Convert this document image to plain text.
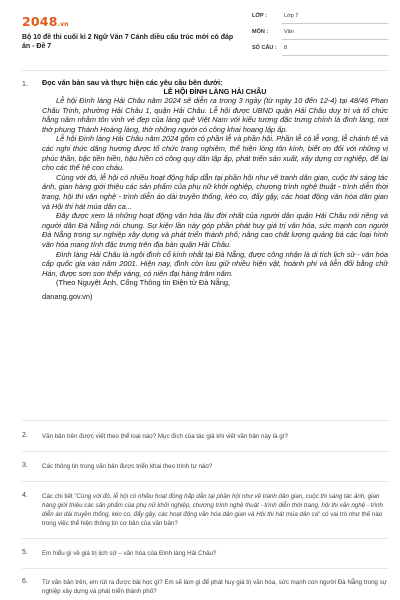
2048.vn
Bộ 10 đề thi cuối kì 2 Ngữ Văn 7 Cánh diều cấu trúc mới có đáp án - Đề 7
LỚP :	Lớp 7
MÔN :	Văn
SỐ CÂU : 8
1. Đọc văn bản sau và thực hiện các yêu cầu bên dưới:
LỄ HỘI ĐÌNH LÀNG HẢI CHÂU

Lễ hội Đình làng Hải Châu năm 2024 sẽ diễn ra trong 3 ngày (từ ngày 10 đến 12-4) tại 48/46 Phan Châu Trinh, phường Hải Châu 1, quận Hải Châu. Lễ hội được UBND quận Hải Châu duy trì và tổ chức hằng năm nhằm tôn vinh vẻ đẹp của làng quê Việt Nam với kiểu tương đặc trưng chính là đình làng, nơi thờ phụng Thành Hoàng làng, thờ những người có công khai hoang lập ấp.

Lễ hội Đình làng Hải Châu năm 2024 gồm có phần lễ và phần hội. Phần lễ có lễ vọng, lễ chánh tế và các nghi thức dâng hương được tổ chức trang nghiêm, thể hiện lòng tôn kính, biết ơn đối với những vị phúc thần, bậc tiền hiền, hậu hiền có công quy dân lập ấp, phát triển sản xuất, xây dựng cơ nghiệp, để lại cho các thế hệ con cháu.

Cùng với đó, lễ hội có nhiều hoạt động hấp dẫn tại phần hội như vẽ tranh dân gian, cuộc thi sáng tác ảnh, gian hàng giới thiệu các sản phẩm của phụ nữ khởi nghiệp, chương trình nghệ thuật - trình diễn thời trang, hội thi văn nghệ - trình diễn áo dài truyền thống, kéo co, đẩy gậy, các hoạt động văn hóa dân gian và Hội thi hát múa dân ca...

Đây được xem là những hoạt động văn hóa lâu đời nhất của người dân quận Hải Châu nói riêng và người dân Đà Nẵng nói chung. Sự kiện lần này góp phần phát huy giá trị văn hóa, sức mạnh con người Đà Nẵng trong sự nghiệp xây dựng và phát triển thành phố; nâng cao chất lượng quảng bá các loại hình văn hóa mang tính đặc trưng trên địa bàn quận Hải Châu.

Đình làng Hải Châu là ngôi đình cổ kính nhất tại Đà Nẵng, được công nhận là di tích lịch sử - văn hóa cấp quốc gia vào năm 2001. Hiện nay, đình còn lưu giữ nhiều hiện vật, hoành phi và liễn đối bằng chữ Hán, được sơn son thếp vàng, có niên đại hàng trăm năm.

(Theo Nguyệt Ánh, Cổng Thông tin Điện tử Đà Nẵng,
danang.gov.vn)
2. Văn bản trên được viết theo thể loại nào? Mục đích của tác giả khi viết văn bản này là gì?
3. Các thông tin trong văn bản được triển khai theo trình tự nào?
4. Các chi tiết "Cùng với đó, lễ hội có nhiều hoạt động hấp dẫn tại phần hội như vẽ tranh dân gian, cuộc thi sáng tác ảnh, gian hàng giới thiệu các sản phẩm của phụ nữ khởi nghiệp, chương trình nghệ thuật - trình diễn thời trang, hội thi văn nghệ - trình diễn áo dài truyền thống, kéo co, đẩy gậy, các hoạt động văn hóa dân gian và Hội thi hát múa dân ca" có vai trò như thế nào trong việc thể hiện thông tin cơ bản của văn bản?
5. Em hiểu gì về giá trị lịch sử – văn hóa của Đình làng Hải Châu?
6. Từ văn bản trên, em rút ra được bài học gì? Em sẽ làm gì để phát huy giá trị văn hóa, sức mạnh con người Đà Nẵng trong sự nghiệp xây dựng và phát triển thành phố?
